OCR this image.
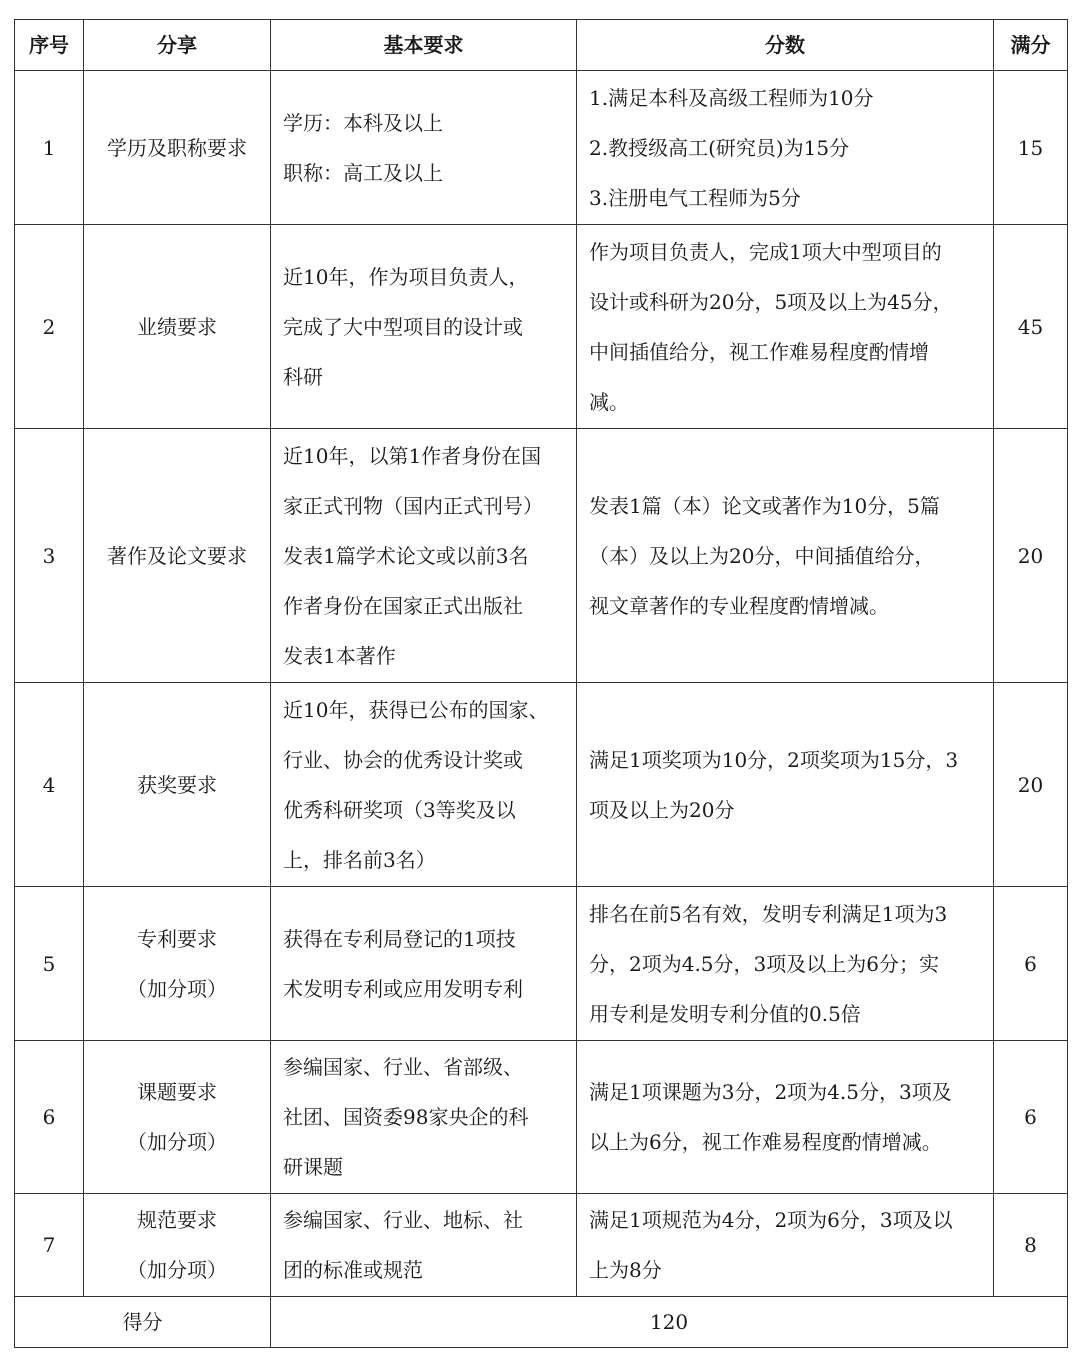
序号	分享	基本要求	分数	满分
1	学历及职称要求	学历：本科及以上
职称：高工及以上	1.满足本科及高级工程师为10分
2.教授级高工(研究员)为15分
3.注册电气工程师为5分	15
2	业绩要求	近10年，作为项目负责人，
完成了大中型项目的设计或
科研	作为项目负责人，完成1项大中型项目的
设计或科研为20分，5项及以上为45分，
中间插值给分，视工作难易程度酌情增
减。	45
3	著作及论文要求	近10年，以第1作者身份在国
家正式刊物（国内正式刊号）
发表1篇学术论文或以前3名
作者身份在国家正式出版社
发表1本著作	发表1篇（本）论文或著作为10分，5篇
（本）及以上为20分，中间插值给分，
视文章著作的专业程度酌情增减。	20
4	获奖要求	近10年，获得已公布的国家、
行业、协会的优秀设计奖或
优秀科研奖项（3等奖及以
上，排名前3名）	满足1项奖项为10分，2项奖项为15分，3
项及以上为20分	20
5	专利要求
（加分项）	获得在专利局登记的1项技
术发明专利或应用发明专利	排名在前5名有效，发明专利满足1项为3
分，2项为4.5分，3项及以上为6分；实
用专利是发明专利分值的0.5倍	6
6	课题要求
（加分项）	参编国家、行业、省部级、
社团、国资委98家央企的科
研课题	满足1项课题为3分，2项为4.5分，3项及
以上为6分，视工作难易程度酌情增减。	6
7	规范要求
（加分项）	参编国家、行业、地标、社
团的标准或规范	满足1项规范为4分，2项为6分，3项及以
上为8分	8
得分		120		
